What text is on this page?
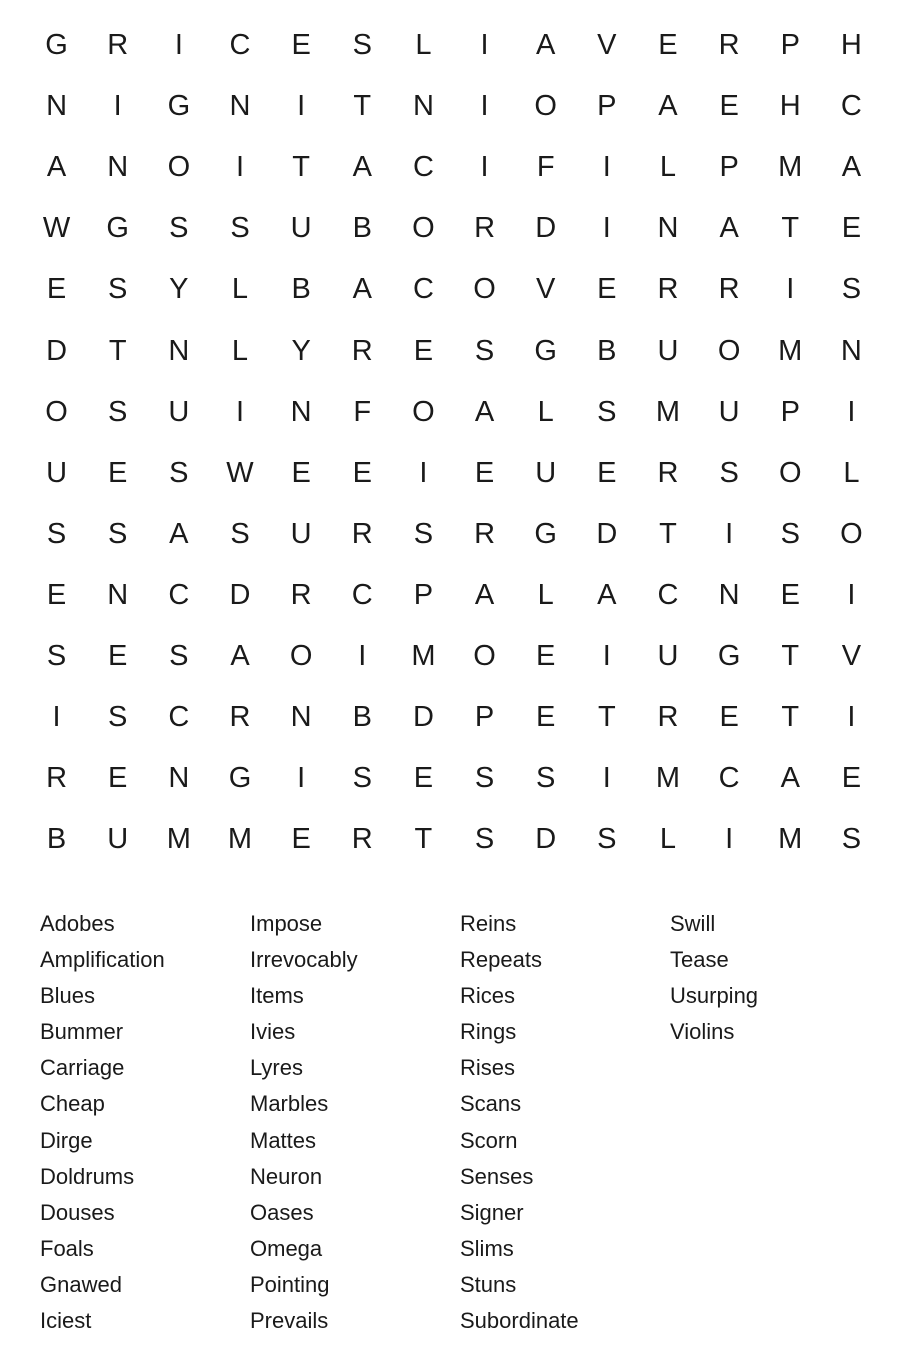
G	R	I	C	E	S	L	I	A	V	E	R	P	H
N	I	G	N	I	T	N	I	O	P	A	E	H	C
A	N	O	I	T	A	C	I	F	I	L	P	M	A
W	G	S	S	U	B	O	R	D	I	N	A	T	E
E	S	Y	L	B	A	C	O	V	E	R	R	I	S
D	T	N	L	Y	R	E	S	G	B	U	O	M	N
O	S	U	I	N	F	O	A	L	S	M	U	P	I
U	E	S	W	E	E	I	E	U	E	R	S	O	L
S	S	A	S	U	R	S	R	G	D	T	I	S	O
E	N	C	D	R	C	P	A	L	A	C	N	E	I
S	E	S	A	O	I	M	O	E	I	U	G	T	V
I	S	C	R	N	B	D	P	E	T	R	E	T	I
R	E	N	G	I	S	E	S	S	I	M	C	A	E
B	U	M	M	E	R	T	S	D	S	L	I	M	S
Adobes
Amplification
Blues
Bummer
Carriage
Cheap
Dirge
Doldrums
Douses
Foals
Gnawed
Iciest
Impose
Irrevocably
Items
Ivies
Lyres
Marbles
Mattes
Neuron
Oases
Omega
Pointing
Prevails
Reins
Repeats
Rices
Rings
Rises
Scans
Scorn
Senses
Signer
Slims
Stuns
Subordinate
Swill
Tease
Usurping
Violins
